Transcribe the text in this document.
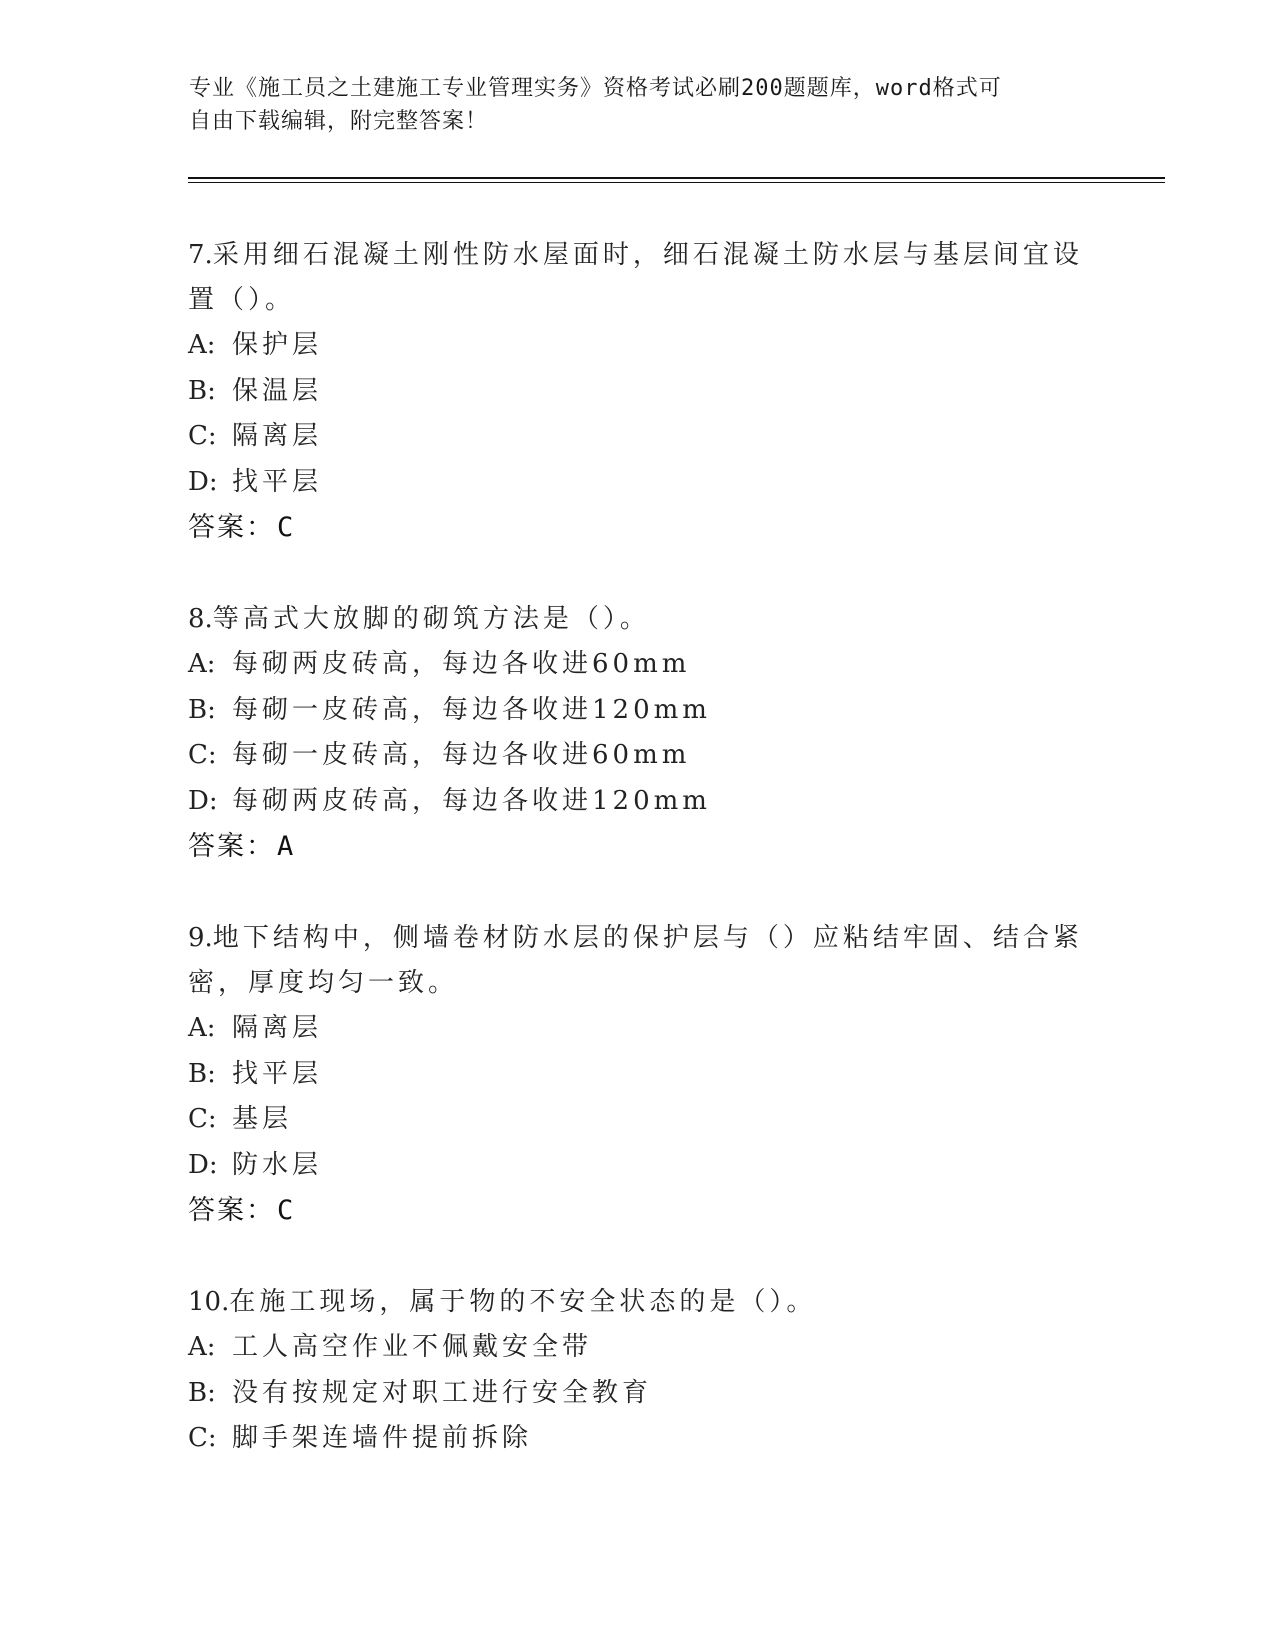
专业《施工员之土建施工专业管理实务》资格考试必刷200题题库，word格式可
自由下载编辑，附完整答案！
7.采用细石混凝土刚性防水屋面时，细石混凝土防水层与基层间宜设
置（）。
A: 保护层
B: 保温层
C: 隔离层
D: 找平层
答案：C
8.等高式大放脚的砌筑方法是（）。
A: 每砌两皮砖高，每边各收进60mm
B: 每砌一皮砖高，每边各收进120mm
C: 每砌一皮砖高，每边各收进60mm
D: 每砌两皮砖高，每边各收进120mm
答案：A
9.地下结构中，侧墙卷材防水层的保护层与（）应粘结牢固、结合紧
密，厚度均匀一致。
A: 隔离层
B: 找平层
C: 基层
D: 防水层
答案：C
10.在施工现场，属于物的不安全状态的是（）。
A: 工人高空作业不佩戴安全带
B: 没有按规定对职工进行安全教育
C: 脚手架连墙件提前拆除
